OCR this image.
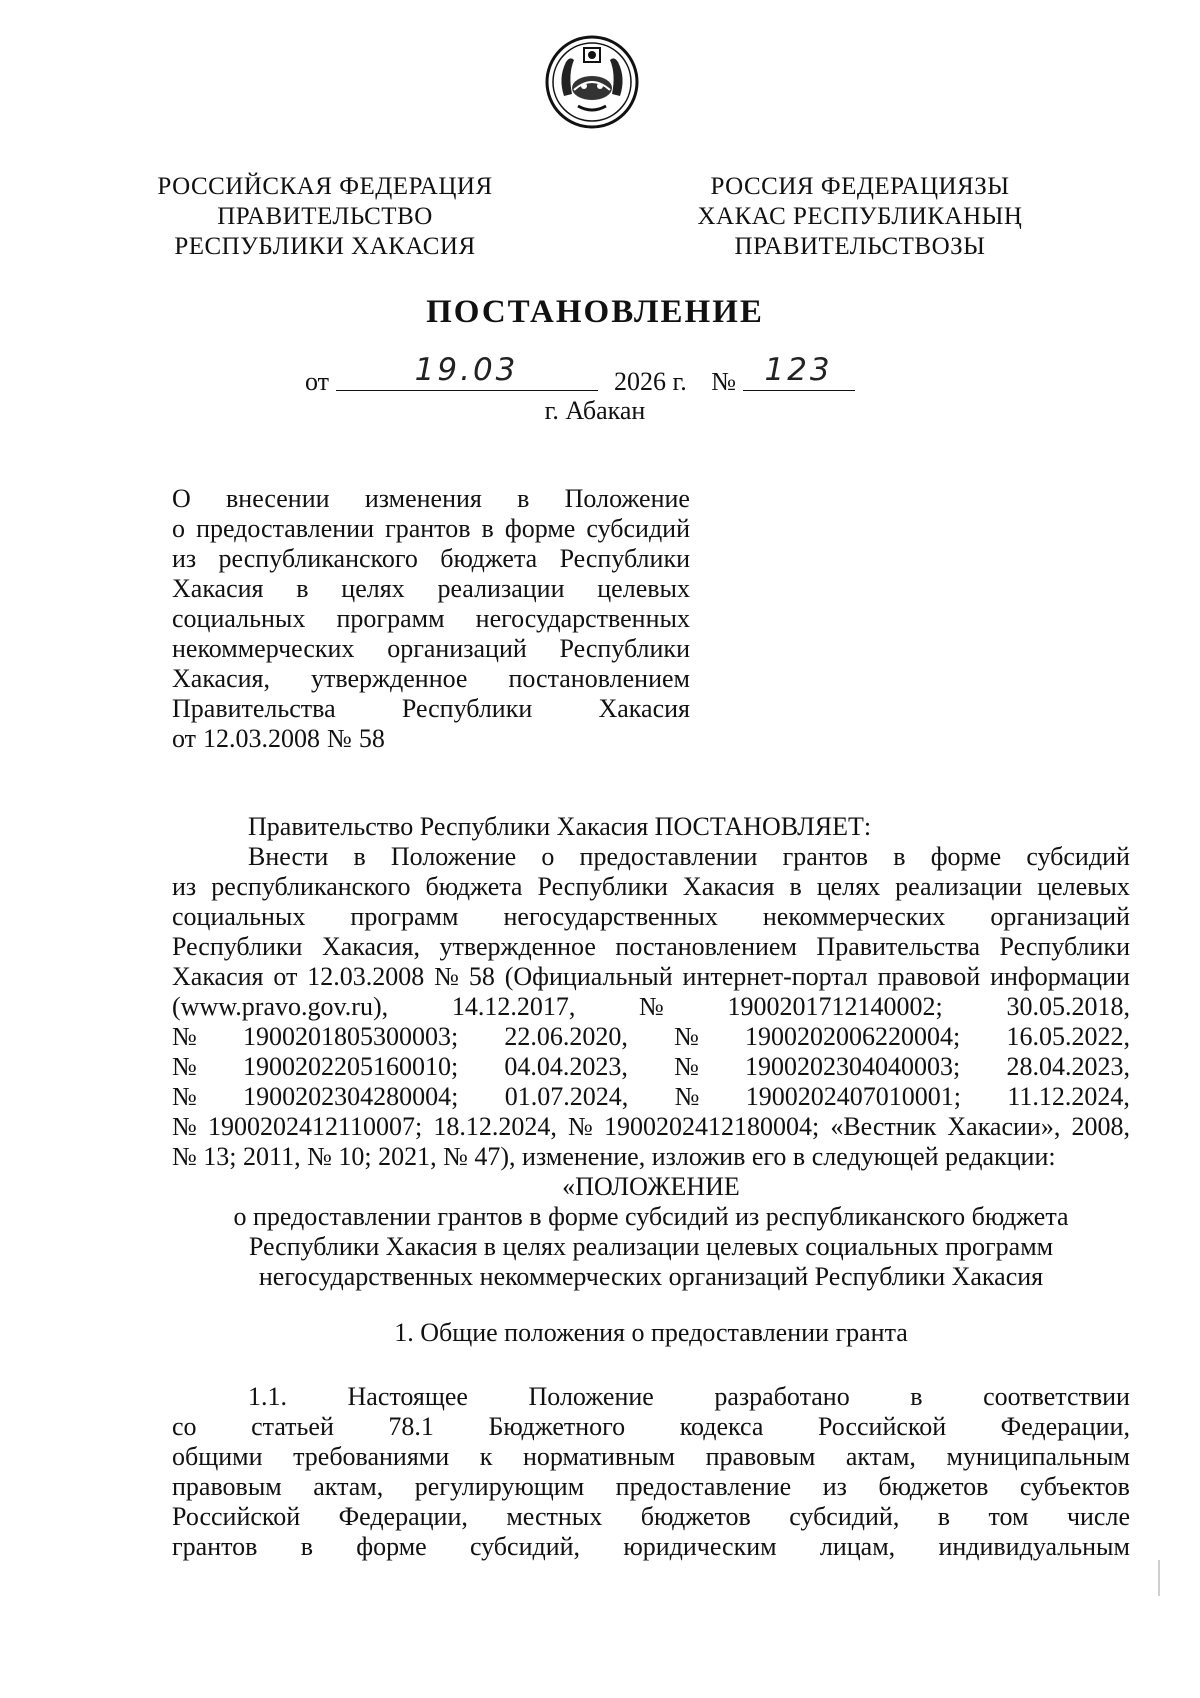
РОССИЙСКАЯ ФЕДЕРАЦИЯ
ПРАВИТЕЛЬСТВО
РЕСПУБЛИКИ ХАКАСИЯ
РОССИЯ ФЕДЕРАЦИЯЗЫ
ХАКАС РЕСПУБЛИКАНЫҢ
ПРАВИТЕЛЬСТВОЗЫ
ПОСТАНОВЛЕНИЕ
от	19.03	2026 г. № 123
г. Абакан
О внесении изменения в Положение
о предоставлении грантов в форме субсидий
из республиканского бюджета Республики
Хакасия в целях реализации целевых
социальных программ негосударственных
некоммерческих организаций Республики
Хакасия, утвержденное постановлением
Правительства	Республики	Хакасия
от 12.03.2008 № 58
Правительство Республики Хакасия ПОСТАНОВЛЯЕТ:
Внести в Положение о предоставлении грантов в форме субсидий
из республиканского бюджета Республики Хакасия в целях реализации целевых
социальных программ негосударственных некоммерческих организаций
Республики Хакасия, утвержденное постановлением Правительства Республики
Хакасия от 12.03.2008 № 58 (Официальный интернет-портал правовой информации
(www.pravo.gov.ru), 14.12.2017, № 1900201712140002; 30.05.2018,
№ 1900201805300003; 22.06.2020, № 1900202006220004; 16.05.2022,
№ 1900202205160010; 04.04.2023, № 1900202304040003; 28.04.2023,
№ 1900202304280004; 01.07.2024, № 1900202407010001; 11.12.2024,
№ 1900202412110007; 18.12.2024, № 1900202412180004; «Вестник Хакасии», 2008,
№ 13; 2011, № 10; 2021, № 47), изменение, изложив его в следующей редакции:
«ПОЛОЖЕНИЕ
о предоставлении грантов в форме субсидий из республиканского бюджета
Республики Хакасия в целях реализации целевых социальных программ
негосударственных некоммерческих организаций Республики Хакасия
1. Общие положения о предоставлении гранта
1.1. Настоящее Положение разработано в соответствии
со статьей 78.1 Бюджетного кодекса Российской Федерации,
общими требованиями к нормативным правовым актам, муниципальным
правовым актам, регулирующим предоставление из бюджетов субъектов
Российской Федерации, местных бюджетов субсидий, в том числе
грантов в форме субсидий, юридическим лицам, индивидуальным
